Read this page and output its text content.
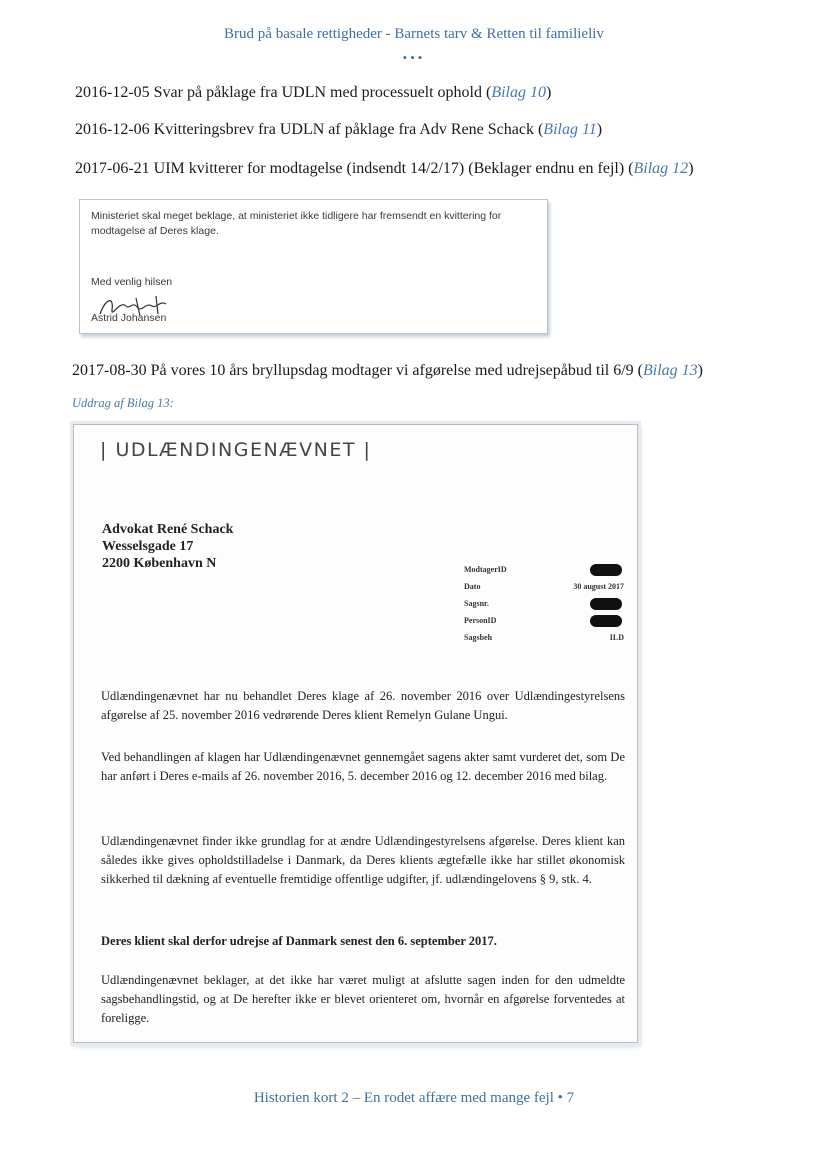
Brud på basale rettigheder - Barnets tarv & Retten til familieliv
•••
2016-12-05 Svar på påklage fra UDLN med processuelt ophold (Bilag 10)
2016-12-06 Kvitteringsbrev fra UDLN af påklage fra Adv Rene Schack (Bilag 11)
2017-06-21 UIM kvitterer for modtagelse (indsendt 14/2/17) (Beklager endnu en fejl) (Bilag 12)
Ministeriet skal meget beklage, at ministeriet ikke tidligere har fremsendt en kvittering for modtagelse af Deres klage.
Med venlig hilsen
Astrid Johansen
2017-08-30 På vores 10 års bryllupsdag modtager vi afgørelse med udrejsepåbud til 6/9 (Bilag 13)
Uddrag af Bilag 13:
| UDLÆNDINGENÆVNET |
Advokat René Schack
Wesselsgade 17
2200 København N	ModtagerID
Dato	30 august 2017
Sagsnr.
PersonID
Sagsbeh	ILD
Udlændingenævnet har nu behandlet Deres klage af 26. november 2016 over Udlændingestyrelsens afgørelse af 25. november 2016 vedrørende Deres klient Remelyn Gulane Ungui.
Ved behandlingen af klagen har Udlændingenævnet gennemgået sagens akter samt vurderet det, som De har anført i Deres e-mails af 26. november 2016, 5. december 2016 og 12. december 2016 med bilag.
Udlændingenævnet finder ikke grundlag for at ændre Udlændingestyrelsens afgørelse. Deres klient kan således ikke gives opholdstilladelse i Danmark, da Deres klients ægtefælle ikke har stillet økonomisk sikkerhed til dækning af eventuelle fremtidige offentlige udgifter, jf. udlændingelovens § 9, stk. 4.
Deres klient skal derfor udrejse af Danmark senest den 6. september 2017.
Udlændingenævnet beklager, at det ikke har været muligt at afslutte sagen inden for den udmeldte sagsbehandlingstid, og at De herefter ikke er blevet orienteret om, hvornår en afgørelse forventedes at foreligge.
Historien kort 2 – En rodet affære med mange fejl • 7
